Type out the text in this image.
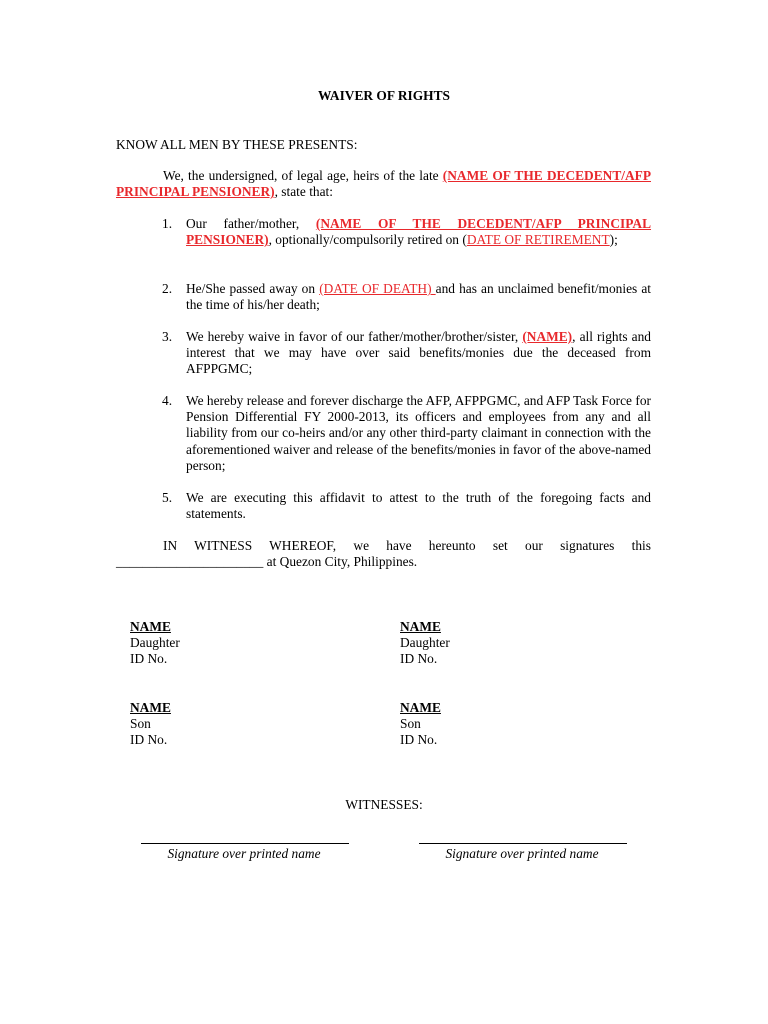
WAIVER OF RIGHTS
KNOW ALL MEN BY THESE PRESENTS:
We, the undersigned, of legal age, heirs of the late (NAME OF THE DECEDENT/AFP PRINCIPAL PENSIONER), state that:
1.	Our father/mother, (NAME OF THE DECEDENT/AFP PRINCIPAL PENSIONER), optionally/compulsorily retired on (DATE OF RETIREMENT);
2.	He/She passed away on (DATE OF DEATH) and has an unclaimed benefit/monies at the time of his/her death;
3.	We hereby waive in favor of our father/mother/brother/sister, (NAME), all rights and interest that we may have over said benefits/monies due the deceased from AFPPGMC;
4.	We hereby release and forever discharge the AFP, AFPPGMC, and AFP Task Force for Pension Differential FY 2000-2013, its officers and employees from any and all liability from our co-heirs and/or any other third-party claimant in connection with the aforementioned waiver and release of the benefits/monies in favor of the above-named person;
5.	We are executing this affidavit to attest to the truth of the foregoing facts and statements.
IN WITNESS WHEREOF, we have hereunto set our signatures this ______________________ at Quezon City, Philippines.
NAME
Daughter
ID No.
NAME
Daughter
ID No.
NAME
Son
ID No.
NAME
Son
ID No.
WITNESSES:
Signature over printed name	Signature over printed name
